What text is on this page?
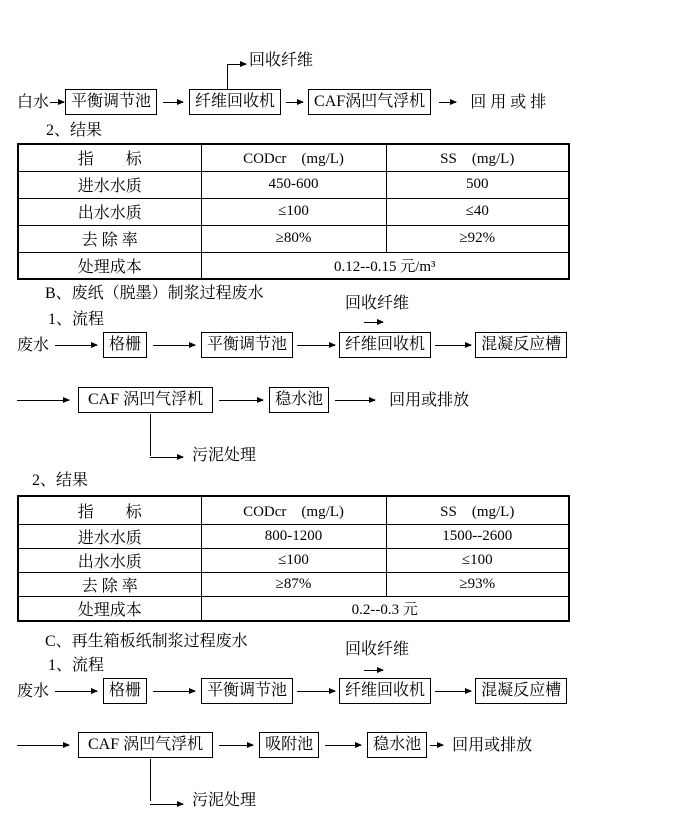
回收纤维
白水	平衡调节池	纤维回收机	CAF涡凹气浮机	回 用 或 排
2、结果
指　　标	CODcr　(mg/L)	SS　(mg/L)
进水水质	450-600	500
出水水质	≤100	≤40
去 除 率	≥80%	≥92%
处理成本	0.12--0.15 元/m³	
B、废纸（脱墨）制浆过程废水
回收纤维
1、流程
废水	格栅	平衡调节池	纤维回收机	混凝反应槽
CAF 涡凹气浮机	稳水池	回用或排放
污泥处理
2、结果
指　　标	CODcr　(mg/L)	SS　(mg/L)
进水水质	800-1200	1500--2600
出水水质	≤100	≤100
去 除 率	≥87%	≥93%
处理成本	0.2--0.3 元	
C、再生箱板纸制浆过程废水	回收纤维
1、流程
废水	格栅	平衡调节池	纤维回收机	混凝反应槽
CAF 涡凹气浮机	吸附池	稳水池	回用或排放
污泥处理
